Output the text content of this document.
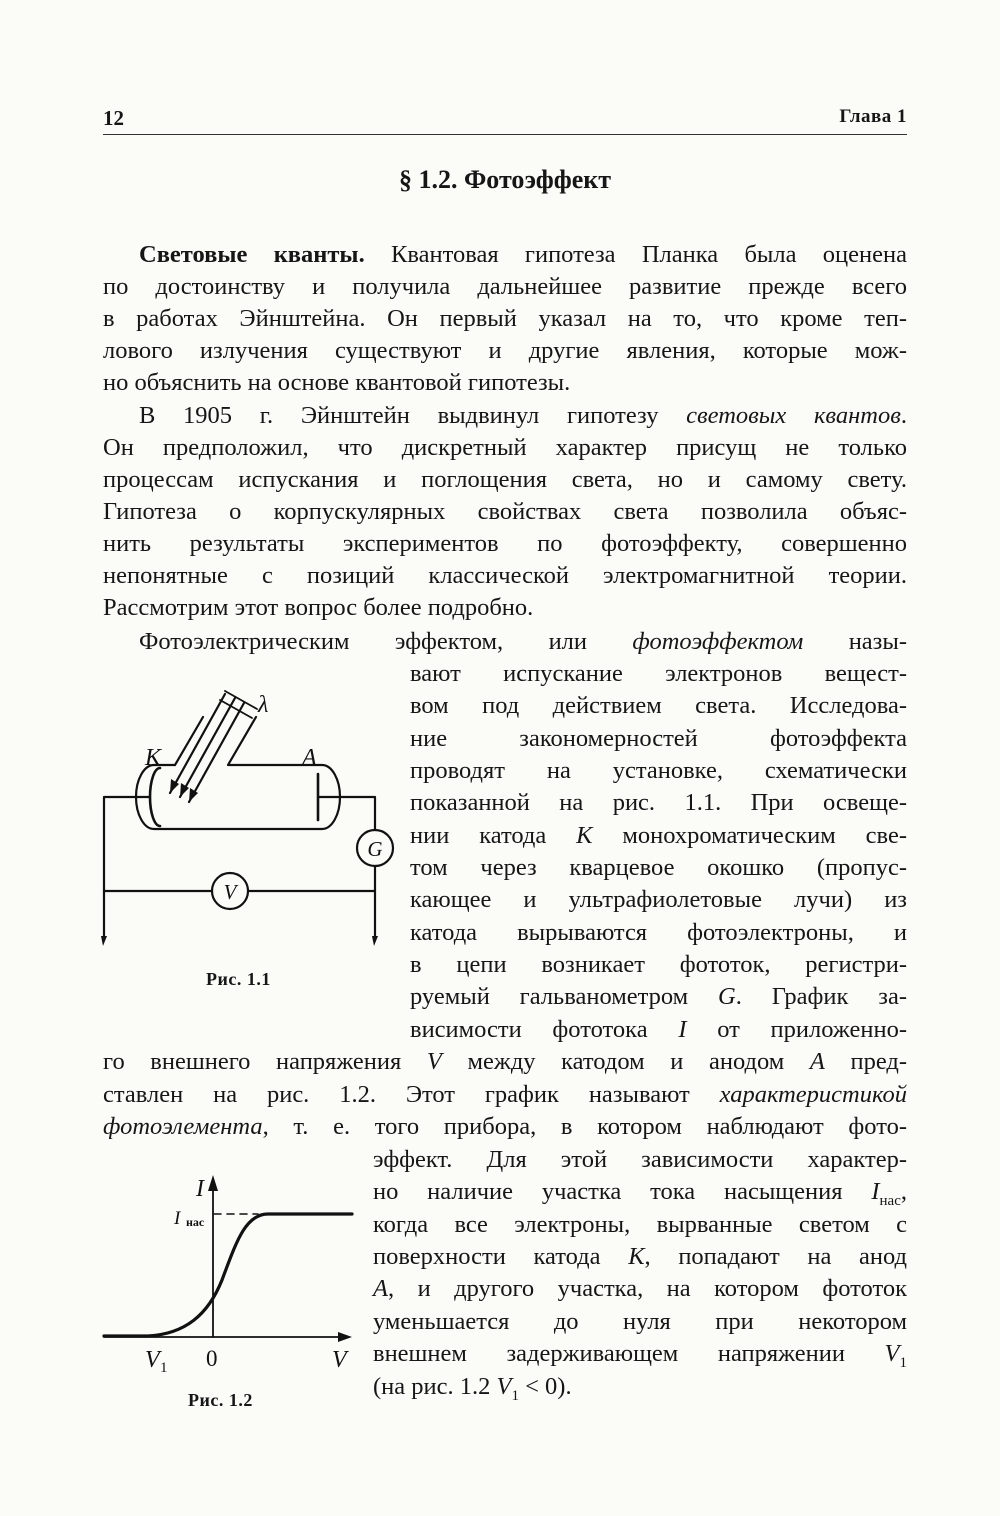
12	Глава 1
§ 1.2. Фотоэффект
Световые кванты. Квантовая гипотеза Планка была оценена
по достоинству и получила дальнейшее развитие прежде всего
в работах Эйнштейна. Он первый указал на то, что кроме теп-
лового излучения существуют и другие явления, которые мож-
но объяснить на основе квантовой гипотезы.
В 1905 г. Эйнштейн выдвинул гипотезу световых квантов.
Он предположил, что дискретный характер присущ не только
процессам испускания и поглощения света, но и самому свету.
Гипотеза о корпускулярных свойствах света позволила объяс-
нить результаты экспериментов по фотоэффекту, совершенно
непонятные с позиций классической электромагнитной теории.
Рассмотрим этот вопрос более подробно.
Фотоэлектрическим эффектом, или фотоэффектом назы-
вают испускание электронов вещест-
вом под действием света. Исследова-
ние закономерностей фотоэффекта
проводят на установке, схематически
показанной на рис. 1.1. При освеще-
нии катода K монохроматическим све-
том через кварцевое окошко (пропус-
кающее и ультрафиолетовые лучи) из
катода вырываются фотоэлектроны, и
в цепи возникает фототок, регистри-
руемый гальванометром G. График за-
висимости фототока I от приложенно-
го внешнего напряжения V между катодом и анодом A пред-
ставлен на рис. 1.2. Этот график называют характеристикой
фотоэлемента, т. е. того прибора, в котором наблюдают фото-
эффект. Для этой зависимости характер-
но наличие участка тока насыщения $I_{нас}$,
когда все электроны, вырванные светом с
поверхности катода K, попадают на анод
A, и другого участка, на котором фототок
уменьшается до нуля при некотором
внешнем задерживающем напряжении $V_1$
(на рис. 1.2 $V_1 < 0$).
λ
K	A
G
V
Рис. 1.1
I
I нас
V 1 0	V
Рис. 1.2
